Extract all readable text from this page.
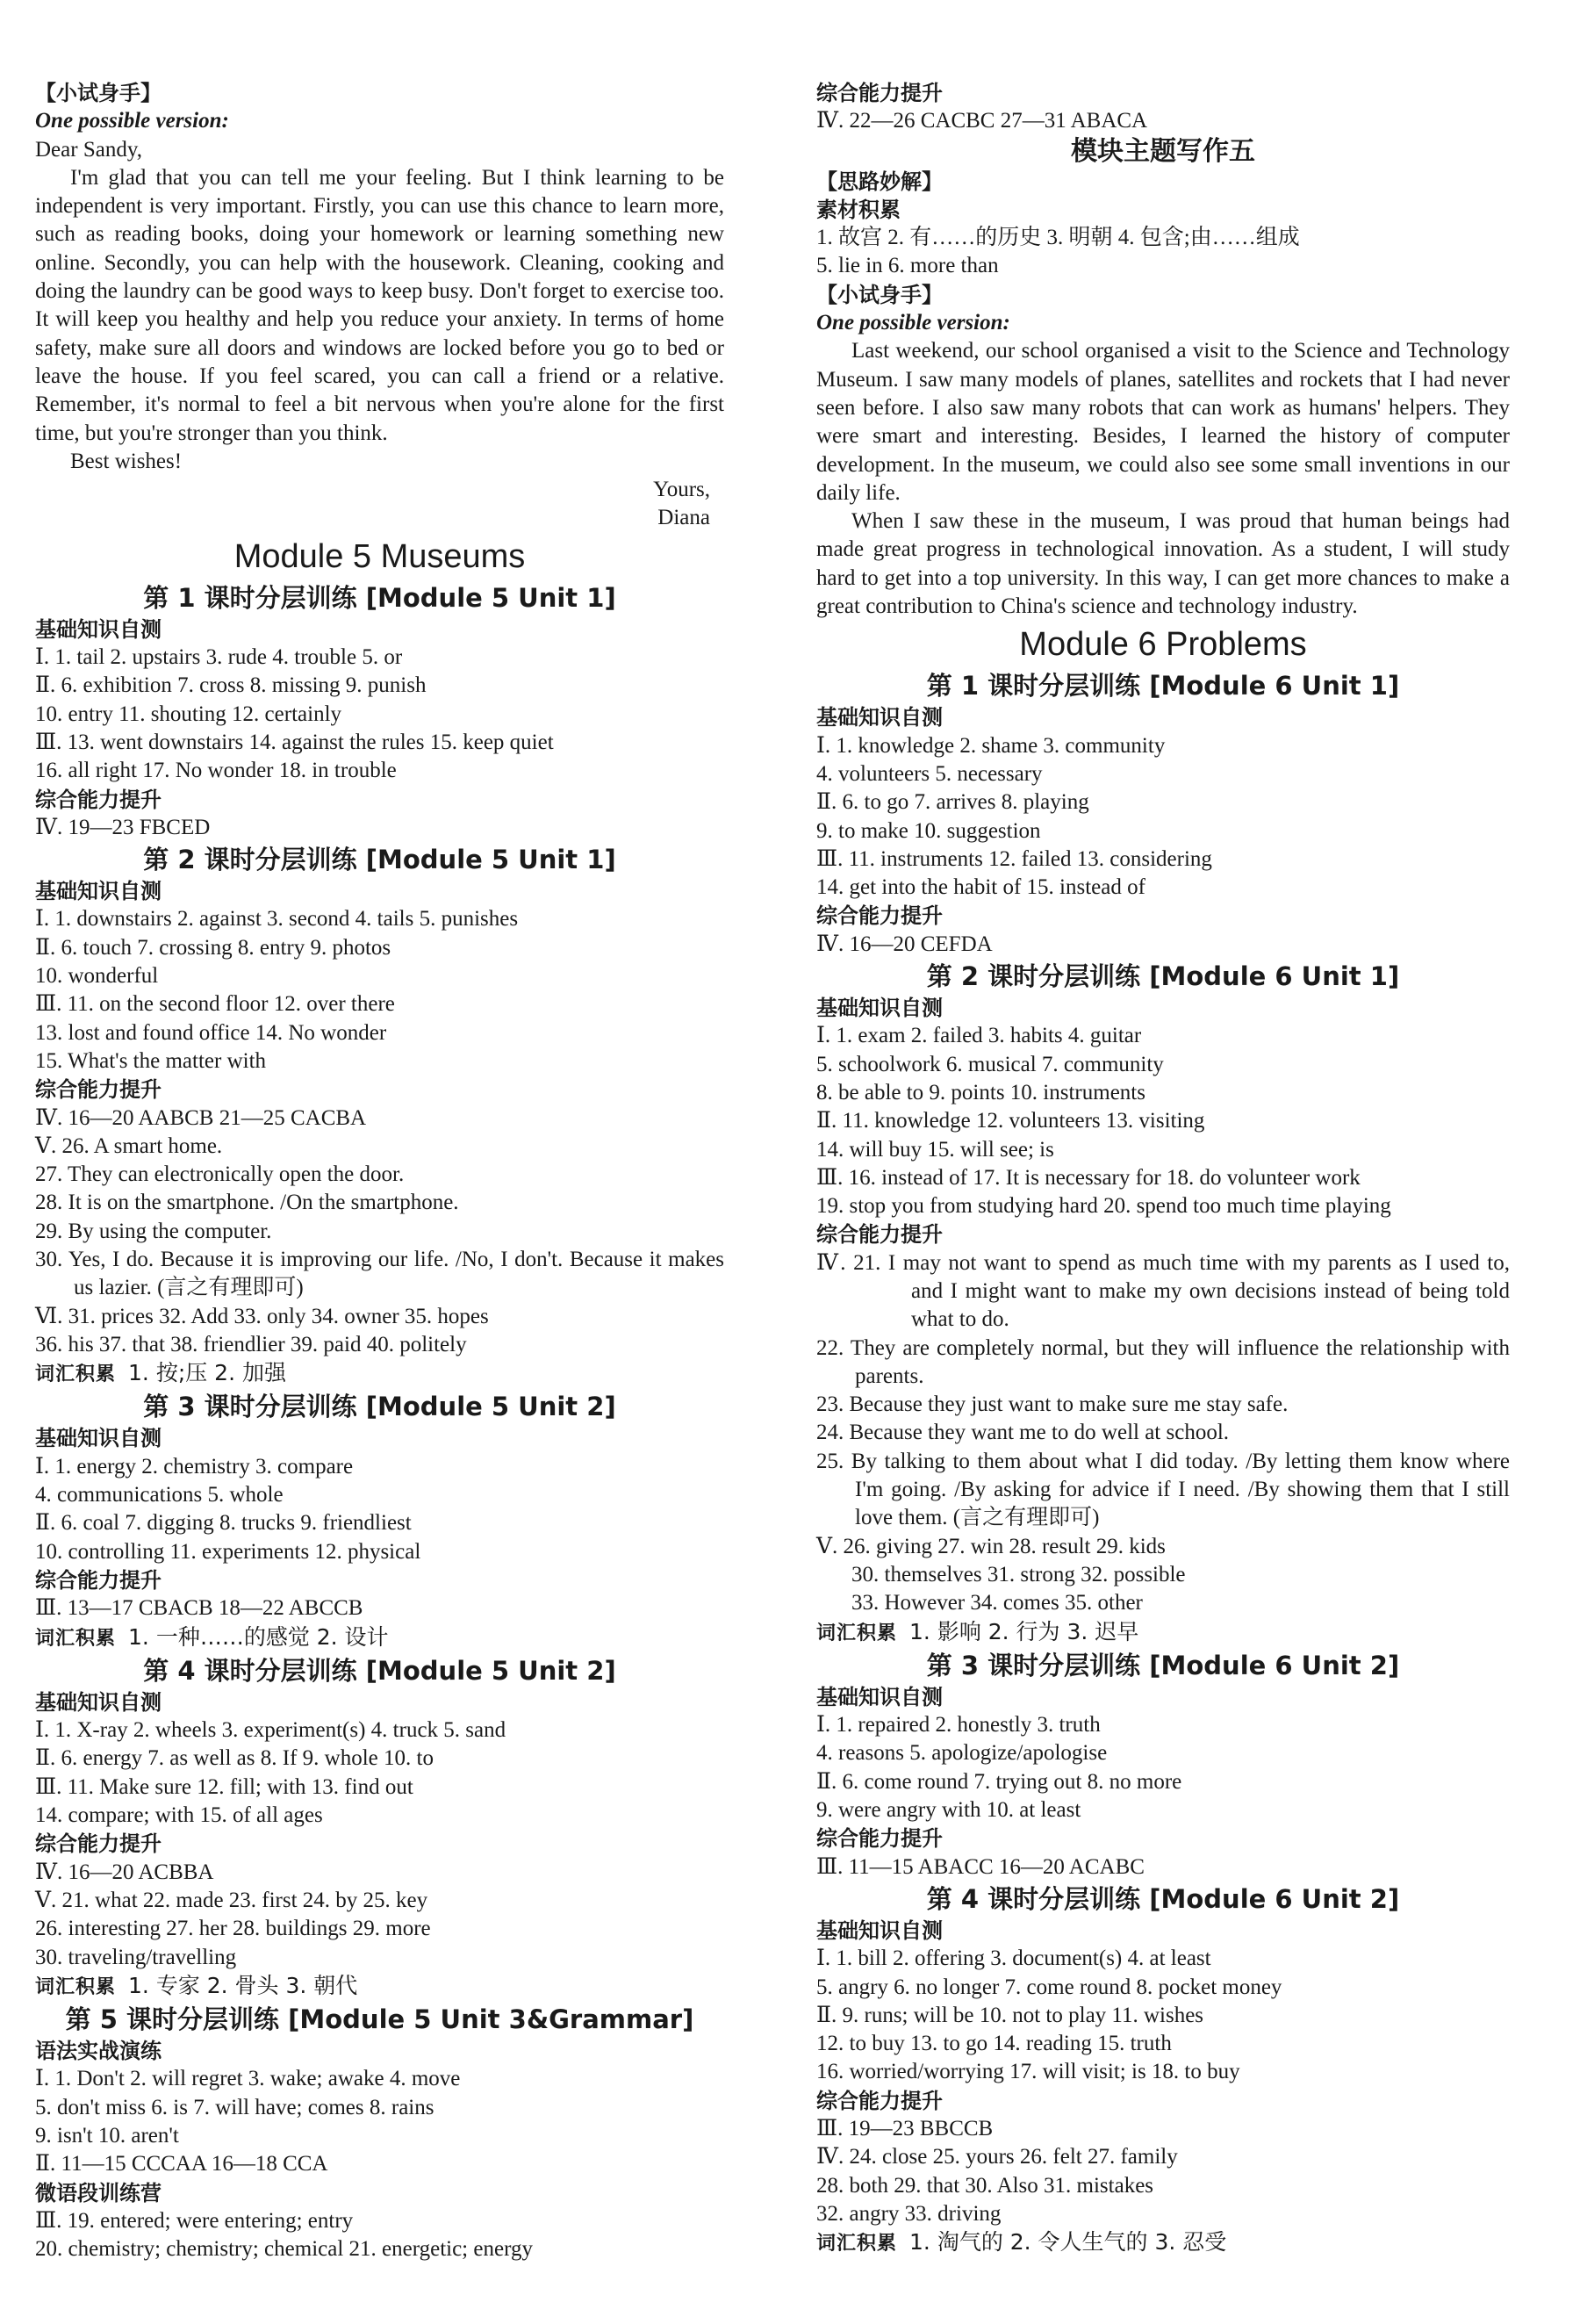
【小试身手】

One possible version:

Dear Sandy,

I'm glad that you can tell me your feeling. But I think learning to be independent is very important. Firstly, you can use this chance to learn more, such as reading books, doing your homework or learning something new online. Secondly, you can help with the housework. Cleaning, cooking and doing the laundry can be good ways to keep busy. Don't forget to exercise too. It will keep you healthy and help you reduce your anxiety. In terms of home safety, make sure all doors and windows are locked before you go to bed or leave the house. If you feel scared, you can call a friend or a relative. Remember, it's normal to feel a bit nervous when you're alone for the first time, but you're stronger than you think.

Best wishes!

Yours,

Diana

Module 5 Museums

第 1 课时分层训练 [Module 5 Unit 1]

基础知识自测

Ⅰ. 1. tail 2. upstairs 3. rude 4. trouble 5. or

Ⅱ. 6. exhibition 7. cross 8. missing 9. punish

10. entry 11. shouting 12. certainly

Ⅲ. 13. went downstairs 14. against the rules 15. keep quiet

16. all right 17. No wonder 18. in trouble

综合能力提升

Ⅳ. 19—23 FBCED

第 2 课时分层训练 [Module 5 Unit 1]

基础知识自测

Ⅰ. 1. downstairs 2. against 3. second 4. tails 5. punishes

Ⅱ. 6. touch 7. crossing 8. entry 9. photos

10. wonderful

Ⅲ. 11. on the second floor 12. over there

13. lost and found office 14. No wonder

15. What's the matter with

综合能力提升

Ⅳ. 16—20 AABCB 21—25 CACBA

Ⅴ. 26. A smart home.

27. They can electronically open the door.

28. It is on the smartphone. /On the smartphone.

29. By using the computer.

30. Yes, I do. Because it is improving our life. /No, I don't. Because it makes us lazier. (言之有理即可)

Ⅵ. 31. prices 32. Add 33. only 34. owner 35. hopes

36. his 37. that 38. friendlier 39. paid 40. politely

词汇积累 1. 按;压 2. 加强

第 3 课时分层训练 [Module 5 Unit 2]

基础知识自测

Ⅰ. 1. energy 2. chemistry 3. compare

4. communications 5. whole

Ⅱ. 6. coal 7. digging 8. trucks 9. friendliest

10. controlling 11. experiments 12. physical

综合能力提升

Ⅲ. 13—17 CBACB 18—22 ABCCB

词汇积累 1. 一种……的感觉 2. 设计

第 4 课时分层训练 [Module 5 Unit 2]

基础知识自测

Ⅰ. 1. X-ray 2. wheels 3. experiment(s) 4. truck 5. sand

Ⅱ. 6. energy 7. as well as 8. If 9. whole 10. to

Ⅲ. 11. Make sure 12. fill; with 13. find out

14. compare; with 15. of all ages

综合能力提升

Ⅳ. 16—20 ACBBA

Ⅴ. 21. what 22. made 23. first 24. by 25. key

26. interesting 27. her 28. buildings 29. more

30. traveling/travelling

词汇积累 1. 专家 2. 骨头 3. 朝代

第 5 课时分层训练 [Module 5 Unit 3&Grammar]

语法实战演练

Ⅰ. 1. Don't 2. will regret 3. wake; awake 4. move

5. don't miss 6. is 7. will have; comes 8. rains

9. isn't 10. aren't

Ⅱ. 11—15 CCCAA 16—18 CCA

微语段训练营

Ⅲ. 19. entered; were entering; entry

20. chemistry; chemistry; chemical 21. energetic; energy

综合能力提升

Ⅳ. 22—26 CACBC 27—31 ABACA

模块主题写作五

【思路妙解】

素材积累

1. 故宫 2. 有……的历史 3. 明朝 4. 包含;由……组成

5. lie in 6. more than

【小试身手】

One possible version:

Last weekend, our school organised a visit to the Science and Technology Museum. I saw many models of planes, satellites and rockets that I had never seen before. I also saw many robots that can work as humans' helpers. They were smart and interesting. Besides, I learned the history of computer development. In the museum, we could also see some small inventions in our daily life.

When I saw these in the museum, I was proud that human beings had made great progress in technological innovation. As a student, I will study hard to get into a top university. In this way, I can get more chances to make a great contribution to China's science and technology industry.

Module 6 Problems

第 1 课时分层训练 [Module 6 Unit 1]

基础知识自测

Ⅰ. 1. knowledge 2. shame 3. community

4. volunteers 5. necessary

Ⅱ. 6. to go 7. arrives 8. playing

9. to make 10. suggestion

Ⅲ. 11. instruments 12. failed 13. considering

14. get into the habit of 15. instead of

综合能力提升

Ⅳ. 16—20 CEFDA

第 2 课时分层训练 [Module 6 Unit 1]

基础知识自测

Ⅰ. 1. exam 2. failed 3. habits 4. guitar

5. schoolwork 6. musical 7. community

8. be able to 9. points 10. instruments

Ⅱ. 11. knowledge 12. volunteers 13. visiting

14. will buy 15. will see; is

Ⅲ. 16. instead of 17. It is necessary for 18. do volunteer work

19. stop you from studying hard 20. spend too much time playing

综合能力提升

Ⅳ. 21. I may not want to spend as much time with my parents as I used to, and I might want to make my own decisions instead of being told what to do.

22. They are completely normal, but they will influence the relationship with parents.

23. Because they just want to make sure me stay safe.

24. Because they want me to do well at school.

25. By talking to them about what I did today. /By letting them know where I'm going. /By asking for advice if I need. /By showing them that I still love them. (言之有理即可)

Ⅴ. 26. giving 27. win 28. result 29. kids

30. themselves 31. strong 32. possible

33. However 34. comes 35. other

词汇积累 1. 影响 2. 行为 3. 迟早

第 3 课时分层训练 [Module 6 Unit 2]

基础知识自测

Ⅰ. 1. repaired 2. honestly 3. truth

4. reasons 5. apologize/apologise

Ⅱ. 6. come round 7. trying out 8. no more

9. were angry with 10. at least

综合能力提升

Ⅲ. 11—15 ABACC 16—20 ACABC

第 4 课时分层训练 [Module 6 Unit 2]

基础知识自测

Ⅰ. 1. bill 2. offering 3. document(s) 4. at least

5. angry 6. no longer 7. come round 8. pocket money

Ⅱ. 9. runs; will be 10. not to play 11. wishes

12. to buy 13. to go 14. reading 15. truth

16. worried/worrying 17. will visit; is 18. to buy

综合能力提升

Ⅲ. 19—23 BBCCB

Ⅳ. 24. close 25. yours 26. felt 27. family

28. both 29. that 30. Also 31. mistakes

32. angry 33. driving

词汇积累 1. 淘气的 2. 令人生气的 3. 忍受
